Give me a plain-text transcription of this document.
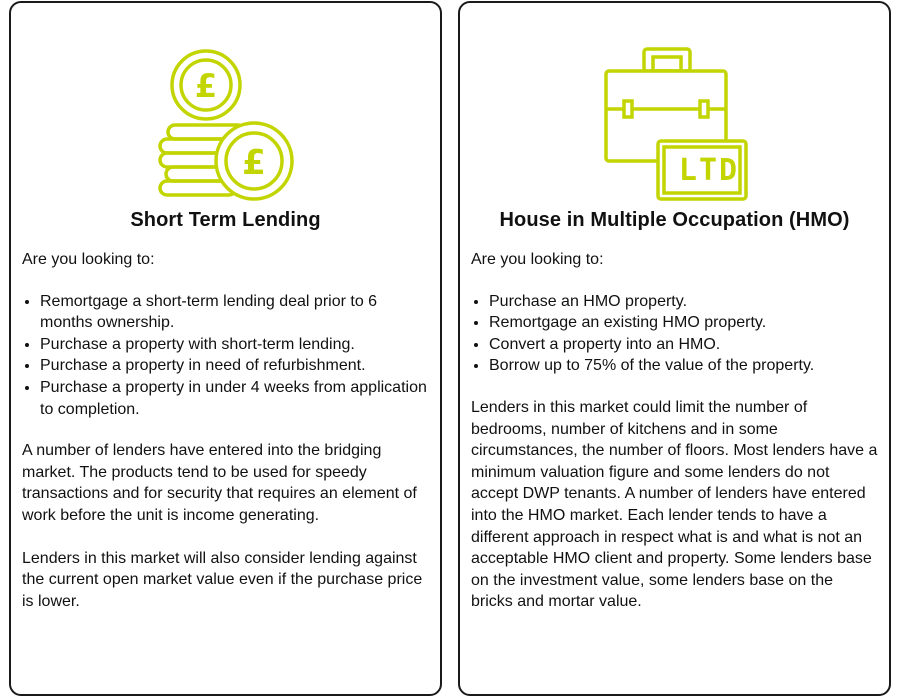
£
£
Short Term Lending

Are you looking to:

• Remortgage a short-term lending deal prior to 6 months ownership.
• Purchase a property with short-term lending.
• Purchase a property in need of refurbishment.
• Purchase a property in under 4 weeks from application to completion.

A number of lenders have entered into the bridging market. The products tend to be used for speedy transactions and for security that requires an element of work before the unit is income generating.

Lenders in this market will also consider lending against the current open market value even if the purchase price is lower.

LTD
House in Multiple Occupation (HMO)

Are you looking to:

• Purchase an HMO property.
• Remortgage an existing HMO property.
• Convert a property into an HMO.
• Borrow up to 75% of the value of the property.

Lenders in this market could limit the number of bedrooms, number of kitchens and in some circumstances, the number of floors. Most lenders have a minimum valuation figure and some lenders do not accept DWP tenants. A number of lenders have entered into the HMO market. Each lender tends to have a different approach in respect what is and what is not an acceptable HMO client and property. Some lenders base on the investment value, some lenders base on the bricks and mortar value.
